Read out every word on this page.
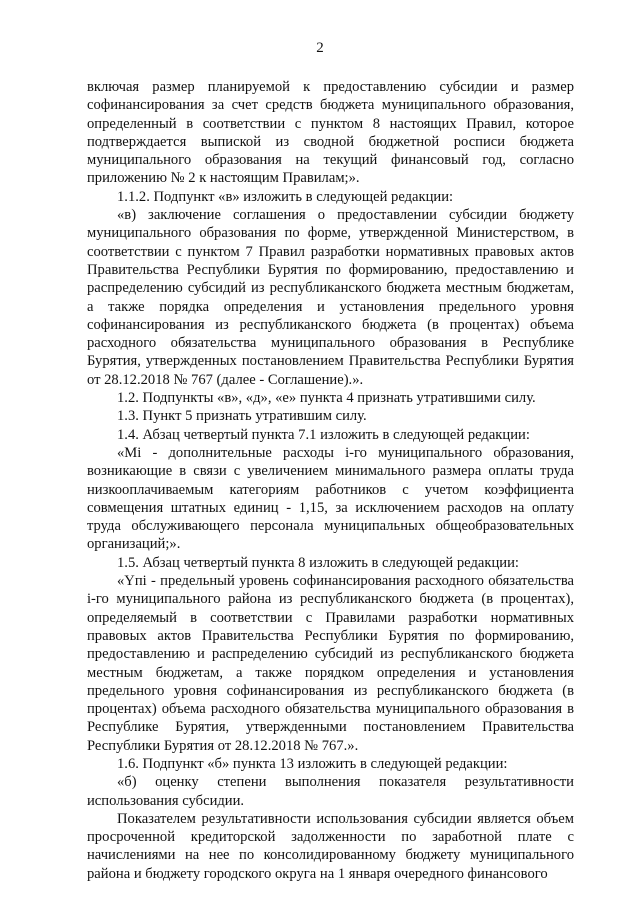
2

включая размер планируемой к предоставлению субсидии и размер софинансирования за счет средств бюджета муниципального образования, определенный в соответствии с пунктом 8 настоящих Правил, которое подтверждается выпиской из сводной бюджетной росписи бюджета муниципального образования на текущий финансовый год, согласно приложению № 2 к настоящим Правилам;».

1.1.2. Подпункт «в» изложить в следующей редакции:

«в) заключение соглашения о предоставлении субсидии бюджету муниципального образования по форме, утвержденной Министерством, в соответствии с пунктом 7 Правил разработки нормативных правовых актов Правительства Республики Бурятия по формированию, предоставлению и распределению субсидий из республиканского бюджета местным бюджетам, а также порядка определения и установления предельного уровня софинансирования из республиканского бюджета (в процентах) объема расходного обязательства муниципального образования в Республике Бурятия, утвержденных постановлением Правительства Республики Бурятия от 28.12.2018 № 767 (далее - Соглашение).».

1.2. Подпункты «в», «д», «е» пункта 4 признать утратившими силу.

1.3. Пункт 5 признать утратившим силу.

1.4. Абзац четвертый пункта 7.1 изложить в следующей редакции:

«Mi - дополнительные расходы i-го муниципального образования, возникающие в связи с увеличением минимального размера оплаты труда низкооплачиваемым категориям работников с учетом коэффициента совмещения штатных единиц - 1,15, за исключением расходов на оплату труда обслуживающего персонала муниципальных общеобразовательных организаций;».

1.5. Абзац четвертый пункта 8 изложить в следующей редакции:

«Yпi - предельный уровень софинансирования расходного обязательства i-го муниципального района из республиканского бюджета (в процентах), определяемый в соответствии с Правилами разработки нормативных правовых актов Правительства Республики Бурятия по формированию, предоставлению и распределению субсидий из республиканского бюджета местным бюджетам, а также порядком определения и установления предельного уровня софинансирования из республиканского бюджета (в процентах) объема расходного обязательства муниципального образования в Республике Бурятия, утвержденными постановлением Правительства Республики Бурятия от 28.12.2018 № 767.».

1.6. Подпункт «б» пункта 13 изложить в следующей редакции:

«б) оценку степени выполнения показателя результативности использования субсидии.

Показателем результативности использования субсидии является объем просроченной кредиторской задолженности по заработной плате с начислениями на нее по консолидированному бюджету муниципального района и бюджету городского округа на 1 января очередного финансового
